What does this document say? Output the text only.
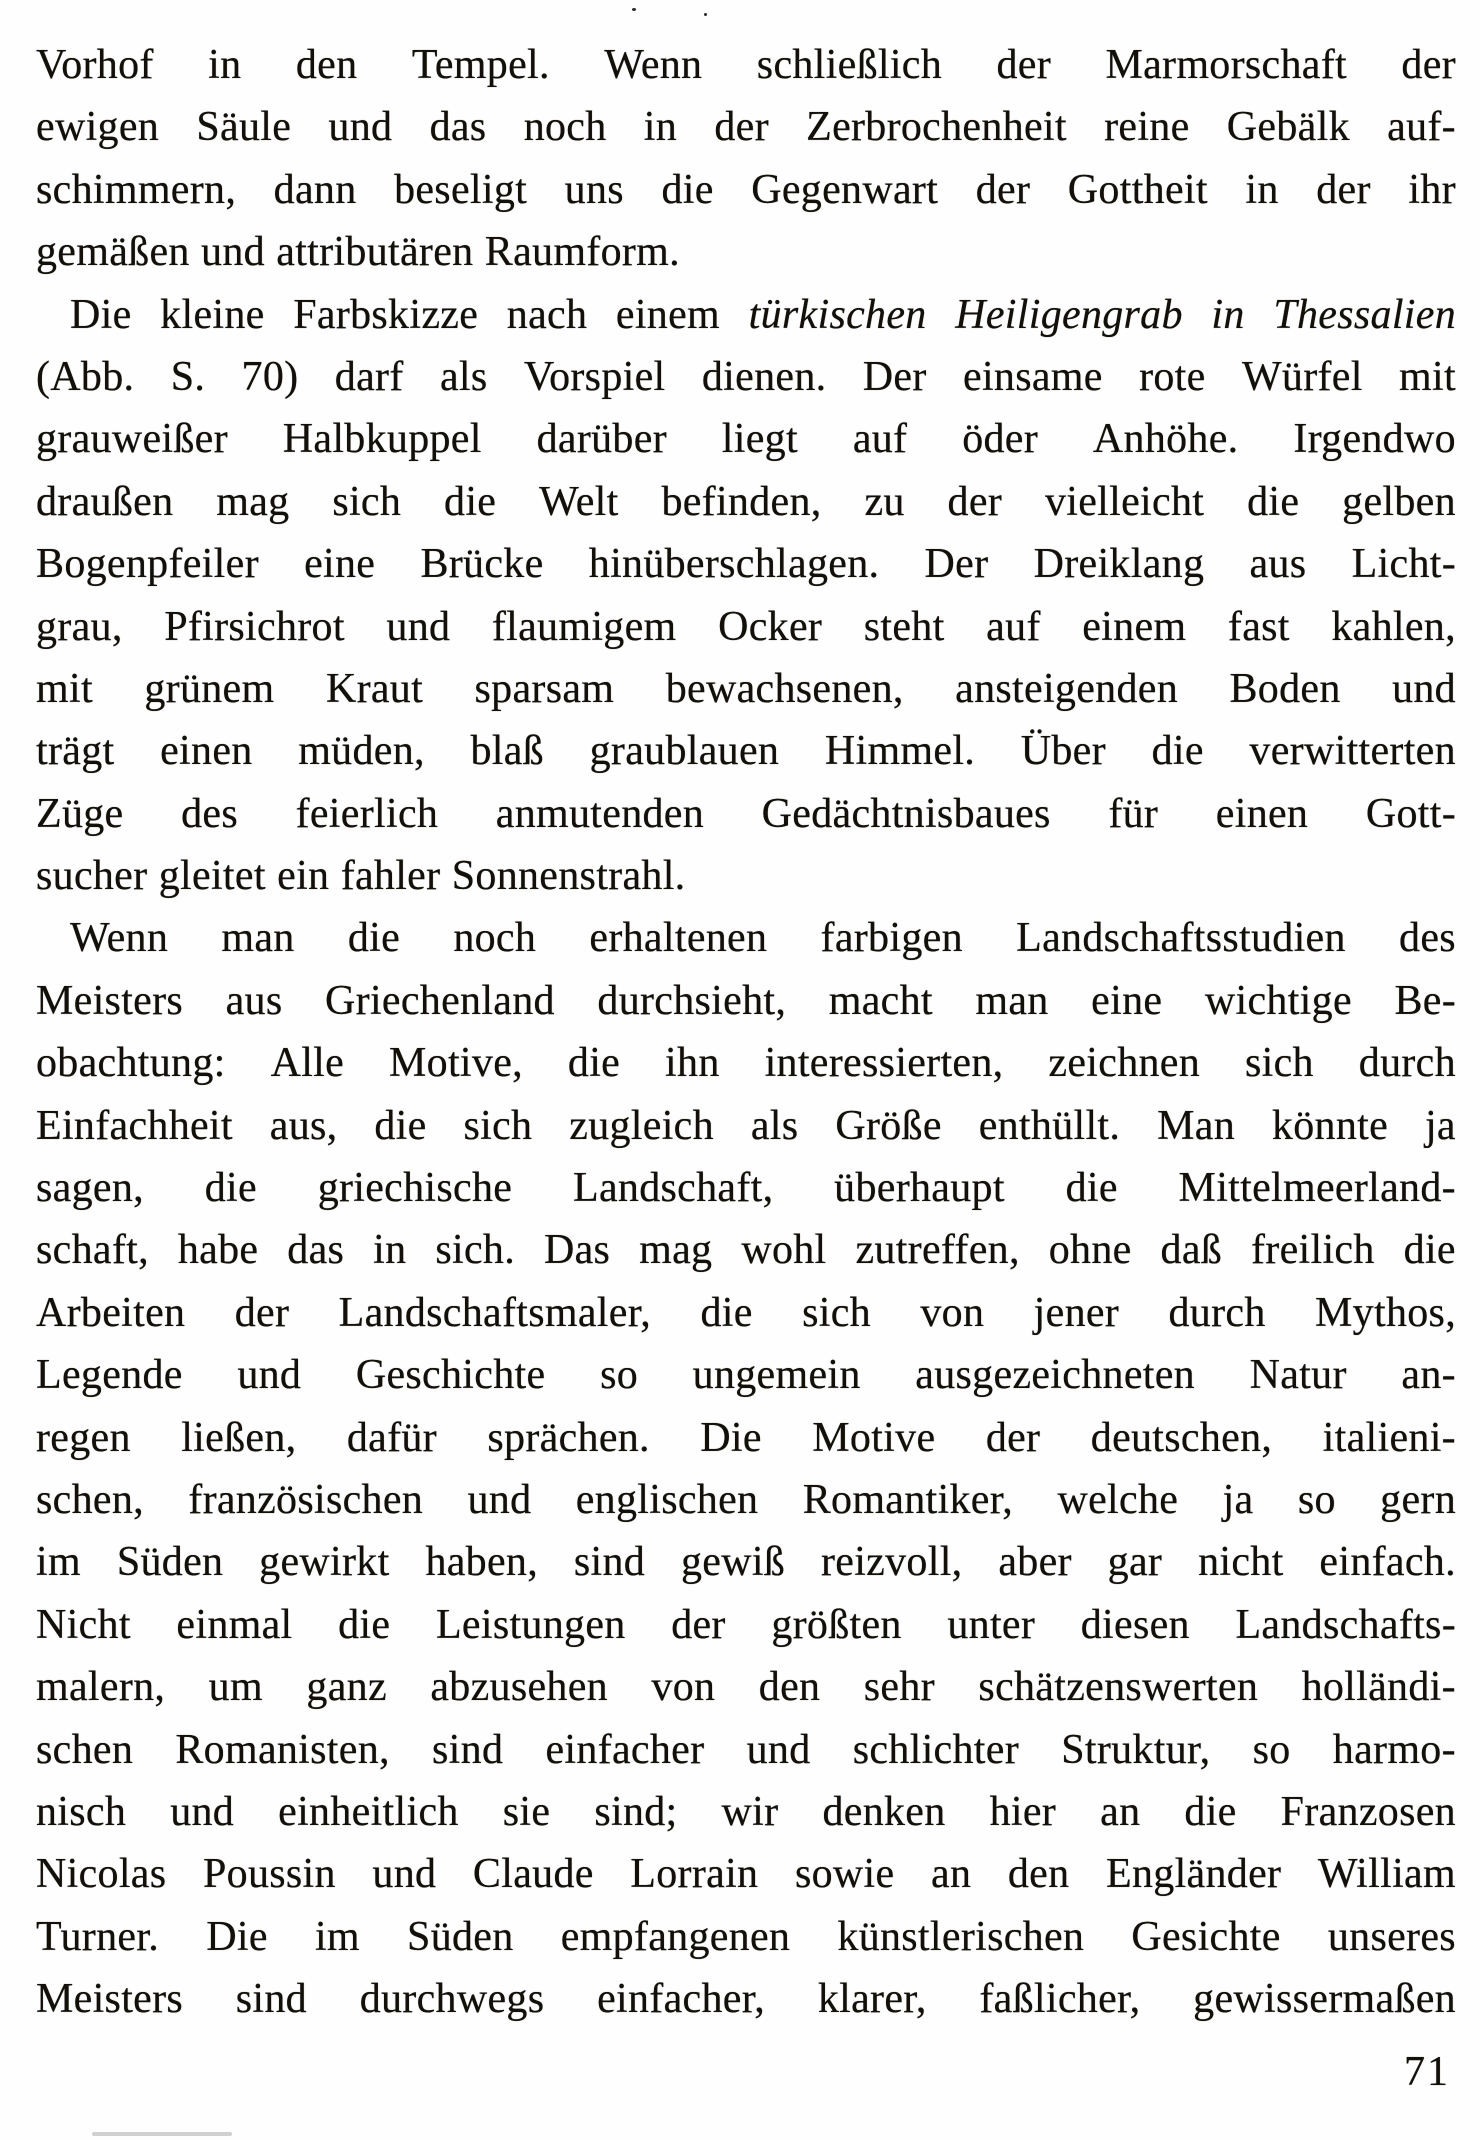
Vorhof in den Tempel. Wenn schließlich der Marmorschaft der

ewigen Säule und das noch in der Zerbrochenheit reine Gebälk auf-

schimmern, dann beseligt uns die Gegenwart der Gottheit in der ihr

gemäßen und attributären Raumform.

Die kleine Farbskizze nach einem türkischen Heiligengrab in Thessalien

(Abb. S. 70) darf als Vorspiel dienen. Der einsame rote Würfel mit

grauweißer Halbkuppel darüber liegt auf öder Anhöhe. Irgendwo

draußen mag sich die Welt befinden, zu der vielleicht die gelben

Bogenpfeiler eine Brücke hinüberschlagen. Der Dreiklang aus Licht-

grau, Pfirsichrot und flaumigem Ocker steht auf einem fast kahlen,

mit grünem Kraut sparsam bewachsenen, ansteigenden Boden und

trägt einen müden, blaß graublauen Himmel. Über die verwitterten

Züge des feierlich anmutenden Gedächtnisbaues für einen Gott-

sucher gleitet ein fahler Sonnenstrahl.

Wenn man die noch erhaltenen farbigen Landschaftsstudien des

Meisters aus Griechenland durchsieht, macht man eine wichtige Be-

obachtung: Alle Motive, die ihn interessierten, zeichnen sich durch

Einfachheit aus, die sich zugleich als Größe enthüllt. Man könnte ja

sagen, die griechische Landschaft, überhaupt die Mittelmeerland-

schaft, habe das in sich. Das mag wohl zutreffen, ohne daß freilich die

Arbeiten der Landschaftsmaler, die sich von jener durch Mythos,

Legende und Geschichte so ungemein ausgezeichneten Natur an-

regen ließen, dafür sprächen. Die Motive der deutschen, italieni-

schen, französischen und englischen Romantiker, welche ja so gern

im Süden gewirkt haben, sind gewiß reizvoll, aber gar nicht einfach.

Nicht einmal die Leistungen der größten unter diesen Landschafts-

malern, um ganz abzusehen von den sehr schätzenswerten holländi-

schen Romanisten, sind einfacher und schlichter Struktur, so harmo-

nisch und einheitlich sie sind; wir denken hier an die Franzosen

Nicolas Poussin und Claude Lorrain sowie an den Engländer William

Turner. Die im Süden empfangenen künstlerischen Gesichte unseres

Meisters sind durchwegs einfacher, klarer, faßlicher, gewissermaßen

71
